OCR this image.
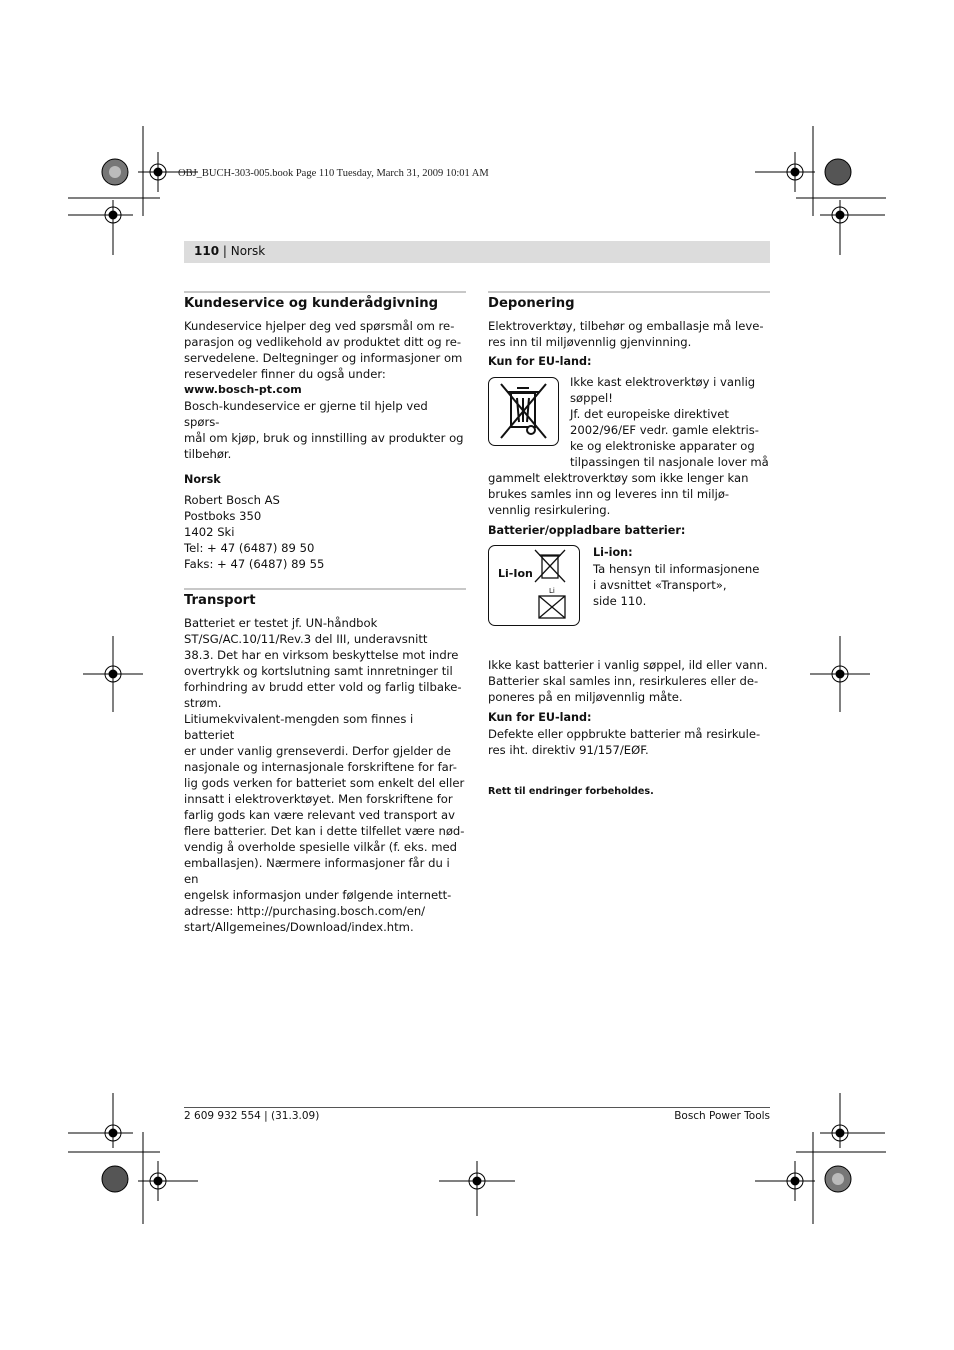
OBJ_BUCH-303-005.book Page 110 Tuesday, March 31, 2009 10:01 AM
110 | Norsk
Kundeservice og kunderådgivning

Kundeservice hjelper deg ved spørsmål om re-

parasjon og vedlikehold av produktet ditt og re-

servedelene. Deltegninger og informasjoner om

reservedeler finner du også under:

www.bosch-pt.com

Bosch-kundeservice er gjerne til hjelp ved spørs-

mål om kjøp, bruk og innstilling av produkter og

tilbehør.

Norsk

Robert Bosch AS

Postboks 350

1402 Ski

Tel: + 47 (6487) 89 50

Faks: + 47 (6487) 89 55

Transport

Batteriet er testet jf. UN-håndbok

ST/SG/AC.10/11/Rev.3 del III, underavsnitt

38.3. Det har en virksom beskyttelse mot indre

overtrykk og kortslutning samt innretninger til

forhindring av brudd etter vold og farlig tilbake-

strøm.

Litiumekvivalent-mengden som finnes i batteriet

er under vanlig grenseverdi. Derfor gjelder de

nasjonale og internasjonale forskriftene for far-

lig gods verken for batteriet som enkelt del eller

innsatt i elektroverktøyet. Men forskriftene for

farlig gods kan være relevant ved transport av

flere batterier. Det kan i dette tilfellet være nød-

vendig å overholde spesielle vilkår (f. eks. med

emballasjen). Nærmere informasjoner får du i en

engelsk informasjon under følgende internett-

adresse: http://purchasing.bosch.com/en/

start/Allgemeines/Download/index.htm.

Deponering

Elektroverktøy, tilbehør og emballasje må leve-

res inn til miljøvennlig gjenvinning.

Kun for EU-land:

Ikke kast elektroverktøy i vanlig

søppel!

Jf. det europeiske direktivet

2002/96/EF vedr. gamle elektris-

ke og elektroniske apparater og

tilpassingen til nasjonale lover må

gammelt elektroverktøy som ikke lenger kan

brukes samles inn og leveres inn til miljø-

vennlig resirkulering.

Batterier/oppladbare batterier:
Li-Ion
Li

Li-ion:

Ta hensyn til informasjonene

i avsnittet «Transport»,

side 110.

Ikke kast batterier i vanlig søppel, ild eller vann.

Batterier skal samles inn, resirkuleres eller de-

poneres på en miljøvennlig måte.

Kun for EU-land:

Defekte eller oppbrukte batterier må resirkule-

res iht. direktiv 91/157/EØF.

Rett til endringer forbeholdes.

2 609 932 554 | (31.3.09)	Bosch Power Tools
